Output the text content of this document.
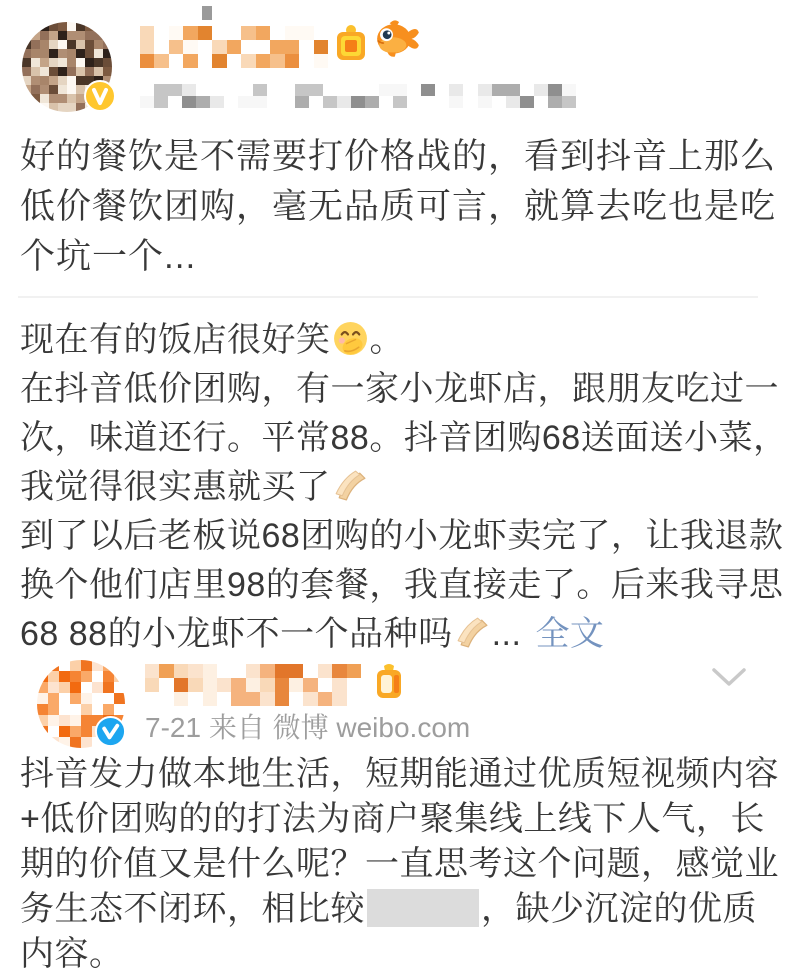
好的餐饮是不需要打价格战的，看到抖音上那么

低价餐饮团购，毫无品质可言，就算去吃也是吃

个坑一个...

现在有的饭店很好笑 。

在抖音低价团购，有一家小龙虾店，跟朋友吃过一

次，味道还行。平常88。抖音团购68送面送小菜，

我觉得很实惠就买了

到了以后老板说68团购的小龙虾卖完了，让我退款

换个他们店里98的套餐，我直接走了。后来我寻思

68 88的小龙虾不一个品种吗 ... 全文

7-21 来自 微博 weibo.com

抖音发力做本地生活，短期能通过优质短视频内容

+低价团购的的打法为商户聚集线上线下人气，长

期的价值又是什么呢？一直思考这个问题，感觉业

务生态不闭环，相比较	，缺少沉淀的优质

内容。
